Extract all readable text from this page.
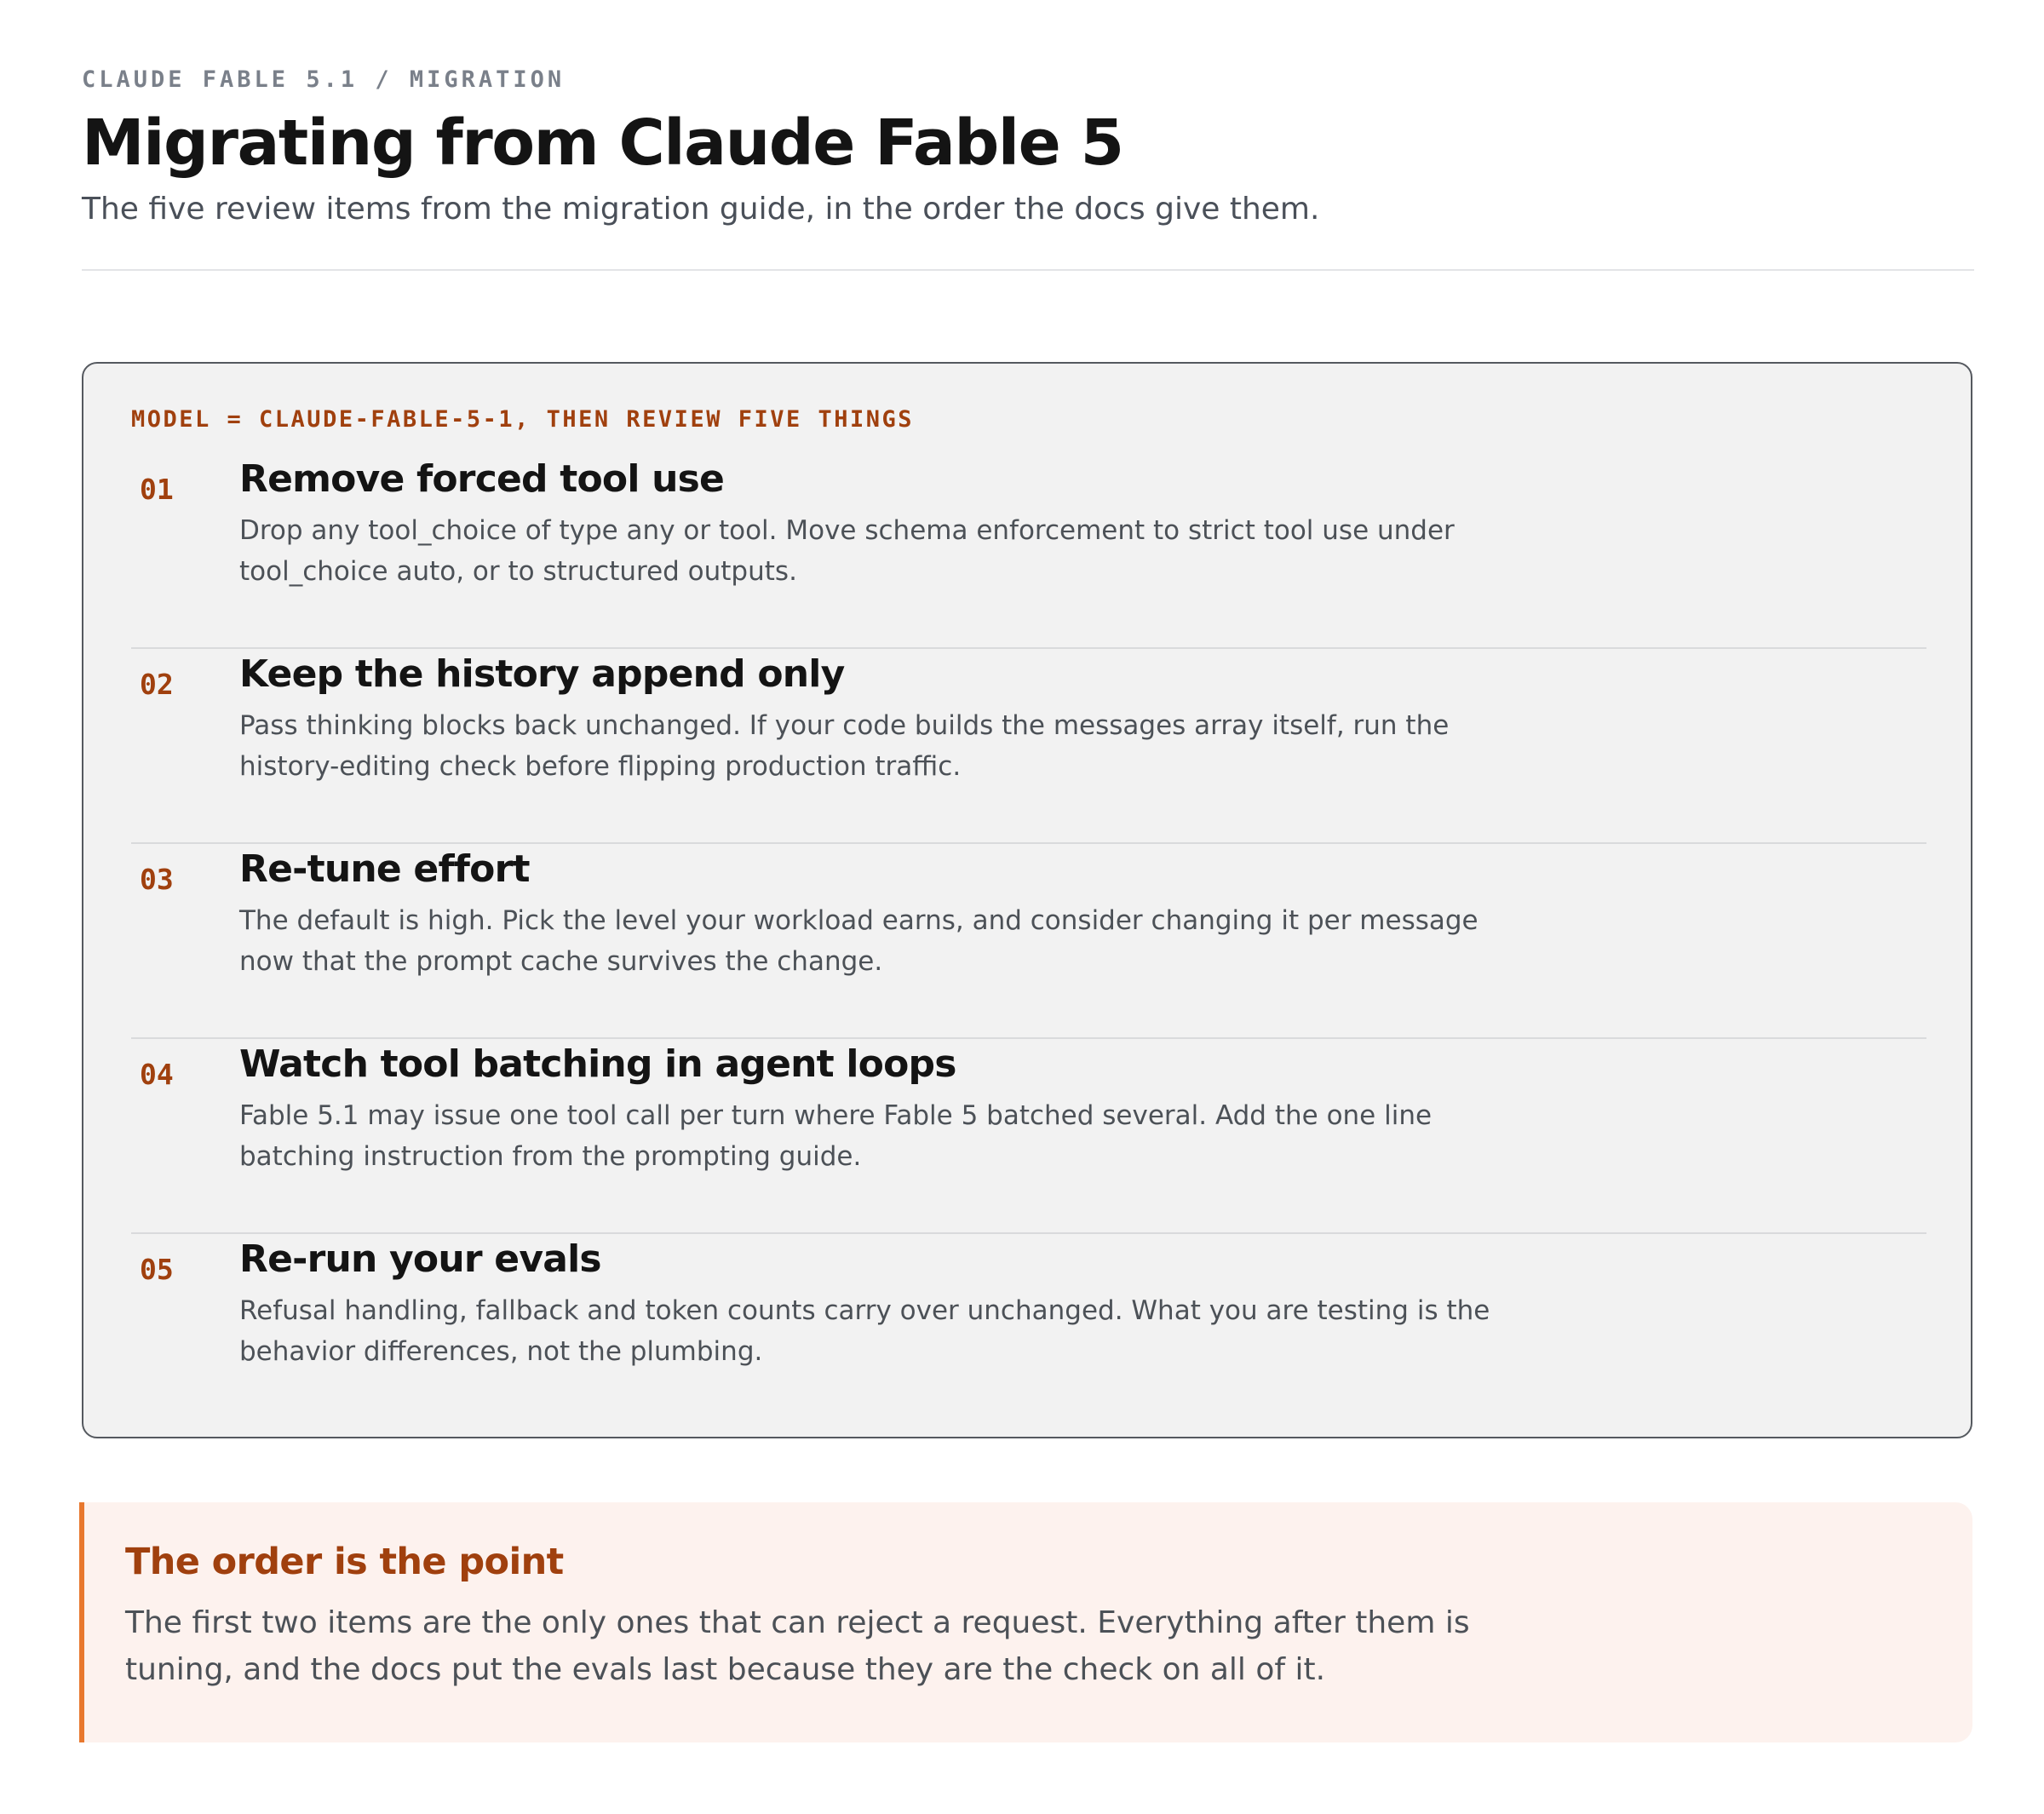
CLAUDE FABLE 5.1 / MIGRATION
Migrating from Claude Fable 5
The five review items from the migration guide, in the order the docs give them.
MODEL = CLAUDE-FABLE-5-1, THEN REVIEW FIVE THINGS
01 Remove forced tool use
Drop any tool_choice of type any or tool. Move schema enforcement to strict tool use under tool_choice auto, or to structured outputs.
02 Keep the history append only
Pass thinking blocks back unchanged. If your code builds the messages array itself, run the history-editing check before flipping production traffic.
03 Re-tune effort
The default is high. Pick the level your workload earns, and consider changing it per message now that the prompt cache survives the change.
04 Watch tool batching in agent loops
Fable 5.1 may issue one tool call per turn where Fable 5 batched several. Add the one line batching instruction from the prompting guide.
05 Re-run your evals
Refusal handling, fallback and token counts carry over unchanged. What you are testing is the behavior differences, not the plumbing.
The order is the point
The first two items are the only ones that can reject a request. Everything after them is tuning, and the docs put the evals last because they are the check on all of it.
